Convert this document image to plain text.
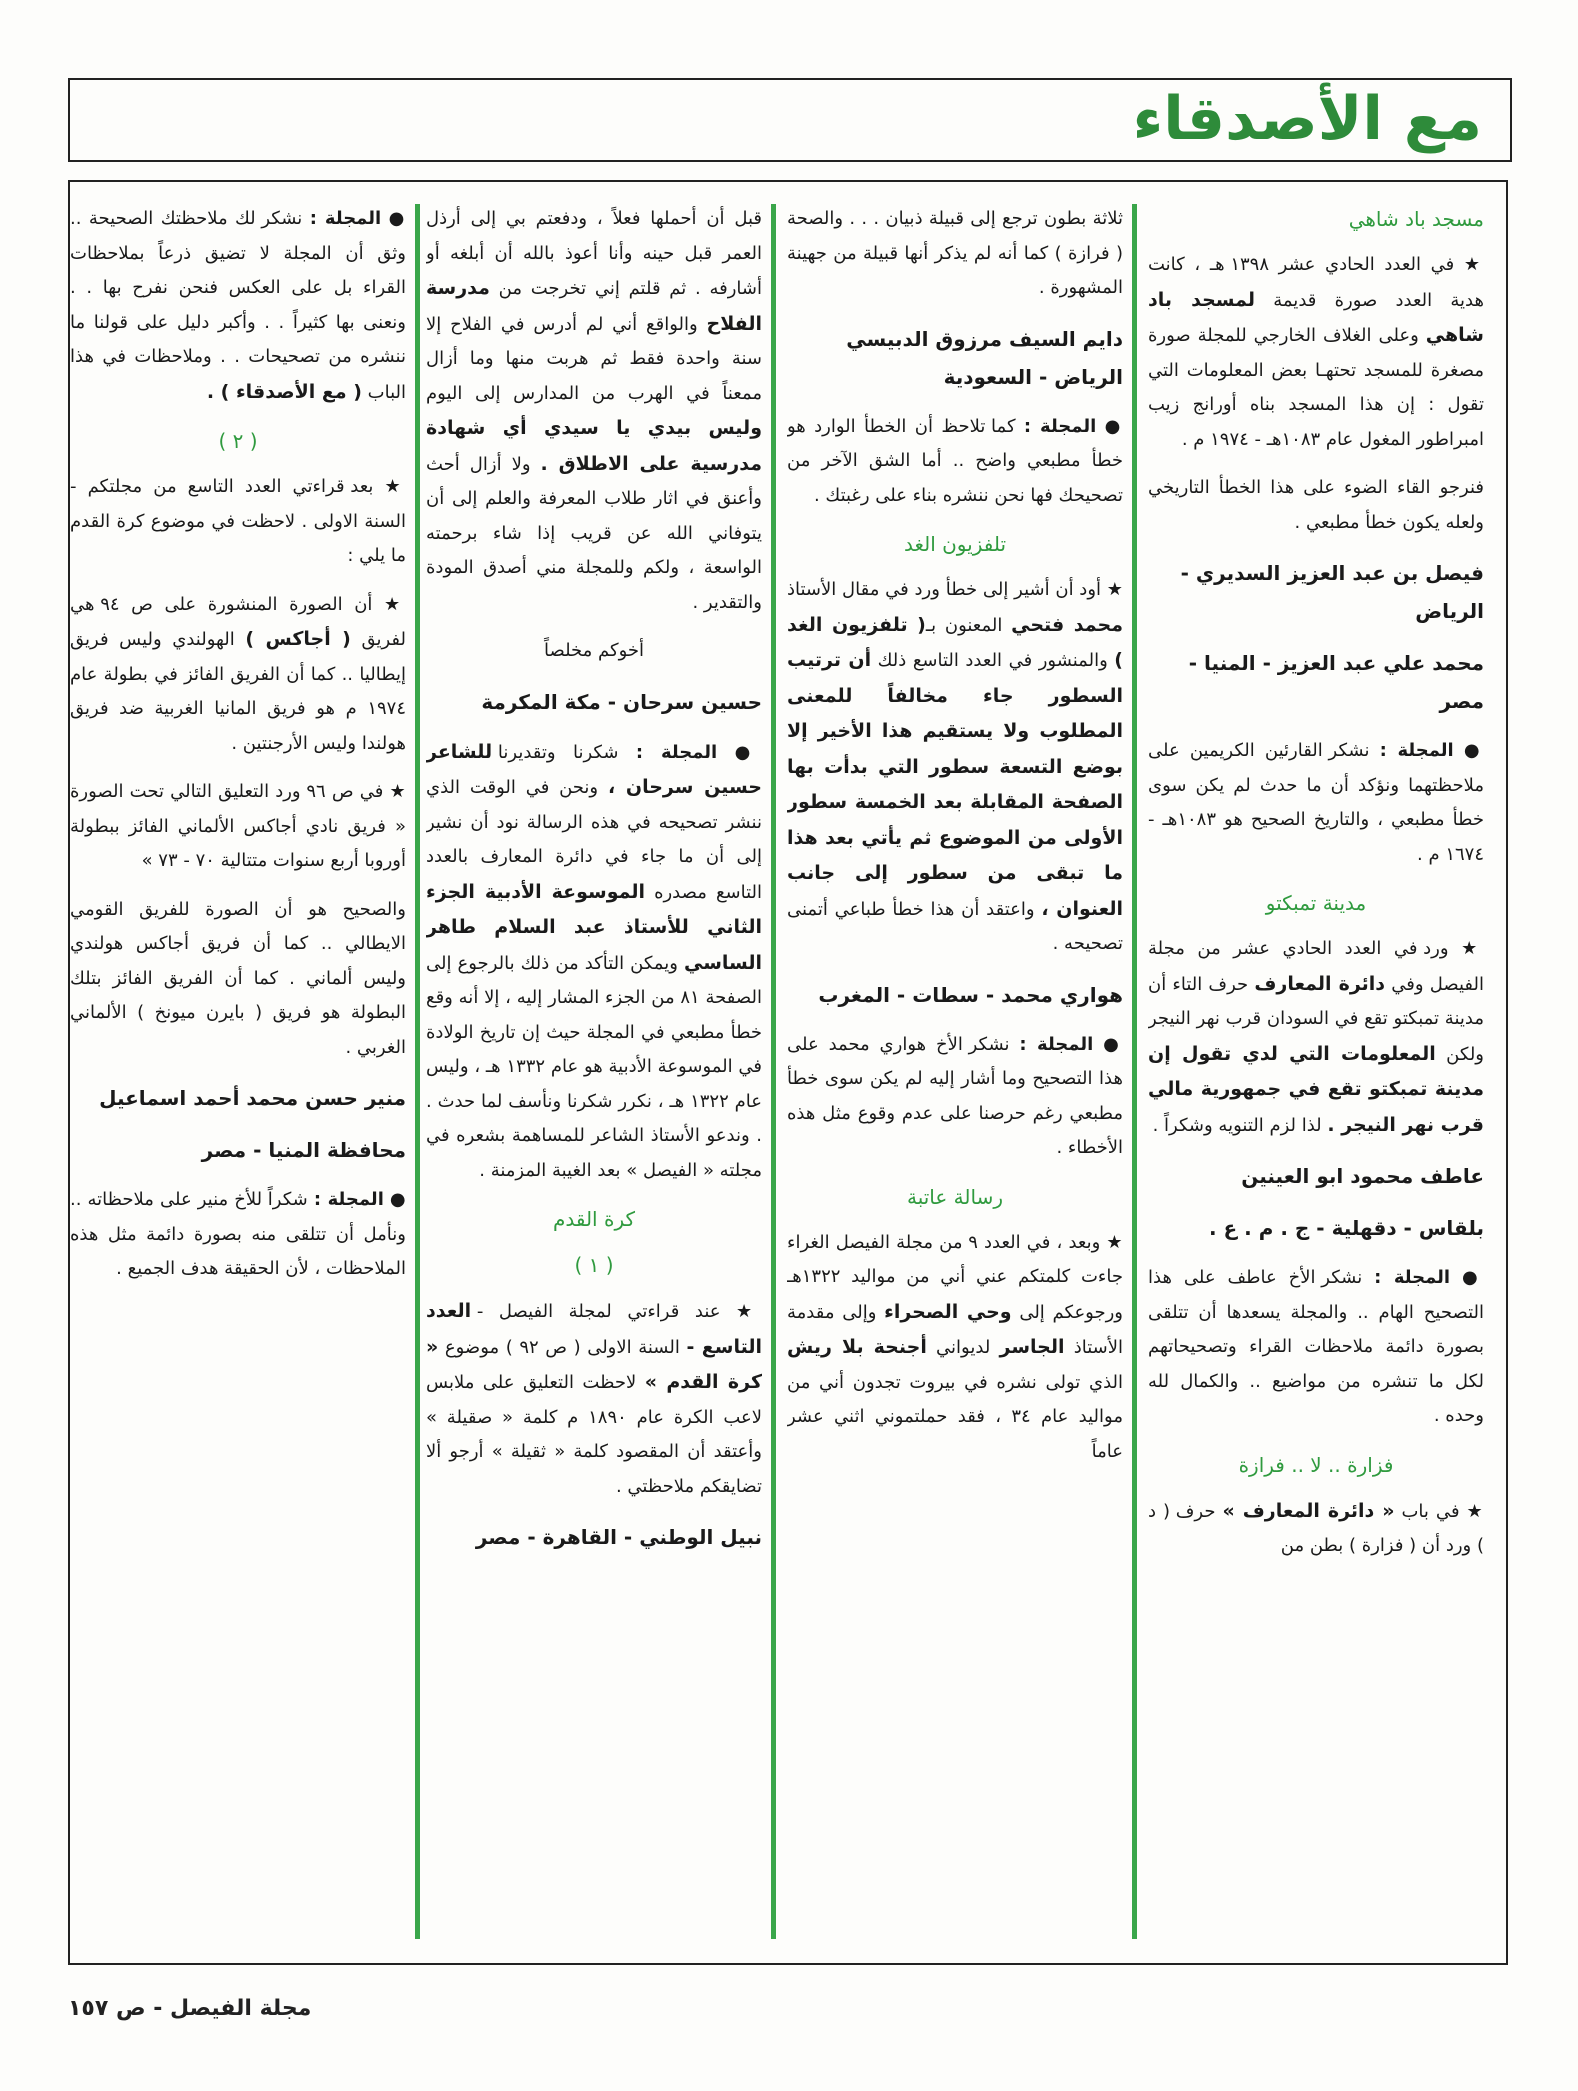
مع الأصدقاء
مسجد باد شاهي

★ في العدد الحادي عشر ١٣٩٨ هـ ، كانت هدية العدد صورة قديمة لمسجد باد شاهي وعلى الغلاف الخارجي للمجلة صورة مصغرة للمسجد تحتهـا بعض المعلومات التي تقول : إن هذا المسجد بناه أورانج زيب امبراطور المغول عام ١٠٨٣هـ - ١٩٧٤ م .

فنرجو القاء الضوء على هذا الخطأ التاريخي ولعله يكون خطأ مطبعي .

فيصل بن عبد العزيز السديري - الرياض

محمد علي عبد العزيز - المنيا - مصر

● المجلة : نشكر القارئين الكريمين على ملاحظتهما ونؤكد أن ما حدث لم يكن سوى خطأ مطبعي ، والتاريخ الصحيح هو ١٠٨٣هـ - ١٦٧٤ م .

مدينة تمبكتو

★ ورد في العدد الحادي عشر من مجلة الفيصل وفي دائرة المعارف حرف التاء أن مدينة تمبكتو تقع في السودان قرب نهر النيجر ولكن المعلومات التي لدي تقول إن مدينة تمبكتو تقع في جمهورية مالي قرب نهر النيجر . لذا لزم التنويه وشكراً .

عاطف محمود ابو العينين

بلقاس - دقهلية - ج . م . ع .

● المجلة : نشكر الأخ عاطف على هذا التصحيح الهام .. والمجلة يسعدها أن تتلقى بصورة دائمة ملاحظات القراء وتصحيحاتهم لكل ما تنشره من مواضيع .. والكمال لله وحده .

فزارة .. لا .. فرازة

★ في باب « دائرة المعارف » حرف ( د ) ورد أن ( فزارة ) بطن من

ثلاثة بطون ترجع إلى قبيلة ذبيان . . . والصحة ( فرازة ) كما أنه لم يذكر أنها قبيلة من جهينة المشهورة .

دايم السيف مرزوق الدبيسي الرياض - السعودية

● المجلة : كما تلاحظ أن الخطأ الوارد هو خطأ مطبعي واضح .. أما الشق الآخر من تصحيحك فها نحن ننشره بناء على رغبتك .

تلفزيون الغد

★ أود أن أشير إلى خطأ ورد في مقال الأستاذ محمد فتحي المعنون بـ( تلفزيون الغد ) والمنشور في العدد التاسع ذلك أن ترتيب السطور جاء مخالفاً للمعنى المطلوب ولا يستقيم هذا الأخير إلا بوضع التسعة سطور التي بدأت بها الصفحة المقابلة بعد الخمسة سطور الأولى من الموضوع ثم يأتي بعد هذا ما تبقى من سطور إلى جانب العنوان ، واعتقد أن هذا خطأ طباعي أتمنى تصحيحه .

هواري محمد - سطات - المغرب

● المجلة : نشكر الأخ هواري محمد على هذا التصحيح وما أشار إليه لم يكن سوى خطأ مطبعي رغم حرصنا على عدم وقوع مثل هذه الأخطاء .

رسالة عاتبة

★ وبعد ، في العدد ٩ من مجلة الفيصل الغراء جاءت كلمتكم عني أني من مواليد ١٣٢٢هـ ورجوعكم إلى وحي الصحراء وإلى مقدمة الأستاذ الجاسر لديواني أجنحة بلا ريش الذي تولى نشره في بيروت تجدون أني من مواليد عام ٣٤ ، فقد حملتموني اثني عشر عاماً

قبل أن أحملها فعلاً ، ودفعتم بي إلى أرذل العمر قبل حينه وأنا أعوذ بالله أن أبلغه أو أشارفه . ثم قلتم إني تخرجت من مدرسة الفلاح والواقع أني لم أدرس في الفلاح إلا سنة واحدة فقط ثم هربت منها وما أزال ممعناً في الهرب من المدارس إلى اليوم وليس بيدي يا سيدي أي شهادة مدرسية على الاطلاق . ولا أزال أحث وأعنق في اثار طلاب المعرفة والعلم إلى أن يتوفاني الله عن قريب إذا شاء برحمته الواسعة ، ولكم وللمجلة مني أصدق المودة والتقدير .

أخوكم مخلصاً

حسين سرحان - مكة المكرمة

● المجلة : شكرنا وتقديرنا للشاعر حسين سرحان ، ونحن في الوقت الذي ننشر تصحيحه في هذه الرسالة نود أن نشير إلى أن ما جاء في دائرة المعارف بالعدد التاسع مصدره الموسوعة الأدبية الجزء الثاني للأستاذ عبد السلام طاهر الساسي ويمكن التأكد من ذلك بالرجوع إلى الصفحة ٨١ من الجزء المشار إليه ، إلا أنه وقع خطأ مطبعي في المجلة حيث إن تاريخ الولادة في الموسوعة الأدبية هو عام ١٣٣٢ هـ ، وليس عام ١٣٢٢ هـ ، نكرر شكرنا ونأسف لما حدث . . وندعو الأستاذ الشاعر للمساهمة بشعره في مجلته « الفيصل » بعد الغيبة المزمنة .

كرة القدم
( ١ )

★ عند قراءتي لمجلة الفيصل - العدد التاسع - السنة الاولى ( ص ٩٢ ) موضوع « كرة القدم » لاحظت التعليق على ملابس لاعب الكرة عام ١٨٩٠ م كلمة « صقيلة » وأعتقد أن المقصود كلمة « ثقيلة » أرجو ألا تضايقكم ملاحظتي .

نبيل الوطني - القاهرة - مصر

● المجلة : نشكر لك ملاحظتك الصحيحة .. وثق أن المجلة لا تضيق ذرعاً بملاحظات القراء بل على العكس فنحن نفرح بها . . ونعنى بها كثيراً . . وأكبر دليل على قولنا ما ننشره من تصحيحات . . وملاحظات في هذا الباب ( مع الأصدقاء ) .

( ٢ )

★ بعد قراءتي العدد التاسع من مجلتكم - السنة الاولى . لاحظت في موضوع كرة القدم ما يلي :

★ أن الصورة المنشورة على ص ٩٤ هي لفريق ( أجاكس ) الهولندي وليس فريق إيطاليا .. كما أن الفريق الفائز في بطولة عام ١٩٧٤ م هو فريق المانيا الغربية ضد فريق هولندا وليس الأرجنتين .

★ في ص ٩٦ ورد التعليق التالي تحت الصورة « فريق نادي أجاكس الألماني الفائز ببطولة أوروبا أربع سنوات متتالية ٧٠ - ٧٣ »

والصحيح هو أن الصورة للفريق القومي الايطالي .. كما أن فريق أجاكس هولندي وليس ألماني . كما أن الفريق الفائز بتلك البطولة هو فريق ( بايرن ميونخ ) الألماني الغربي .

منير حسن محمد أحمد اسماعيل

محافظة المنيا - مصر

● المجلة : شكراً للأخ منير على ملاحظاته .. ونأمل أن تتلقى منه بصورة دائمة مثل هذه الملاحظات ، لأن الحقيقة هدف الجميع .

مجلة الفيصل - ص ١٥٧
